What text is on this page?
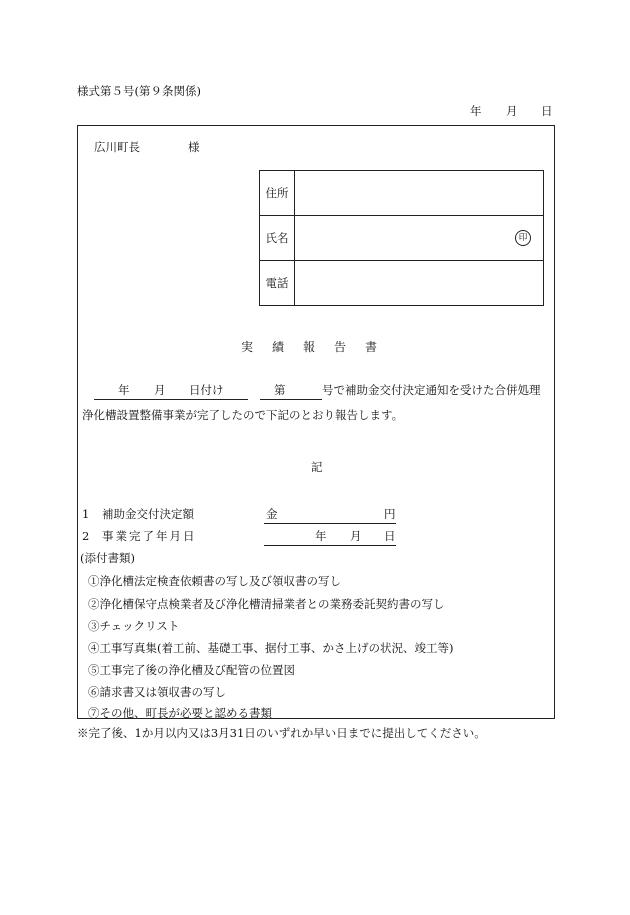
様式第５号(第９条関係)
年 月 日
広川町長	様
住所
氏名	印
電話
実績報告書
年 月 日付け	第	号で補助金交付決定通知を受けた合併処理
浄化槽設置整備事業が完了したので下記のとおり報告します。
記
1 補助金交付決定額	金	円
2 事業完了年月日	年 月 日
(添付書類)
①浄化槽法定検査依頼書の写し及び領収書の写し
②浄化槽保守点検業者及び浄化槽清掃業者との業務委託契約書の写し
③チェックリスト
④工事写真集(着工前、基礎工事、据付工事、かさ上げの状況、竣工等)
⑤工事完了後の浄化槽及び配管の位置図
⑥請求書又は領収書の写し
⑦その他、町長が必要と認める書類
※完了後、1か月以内又は3月31日のいずれか早い日までに提出してください。
